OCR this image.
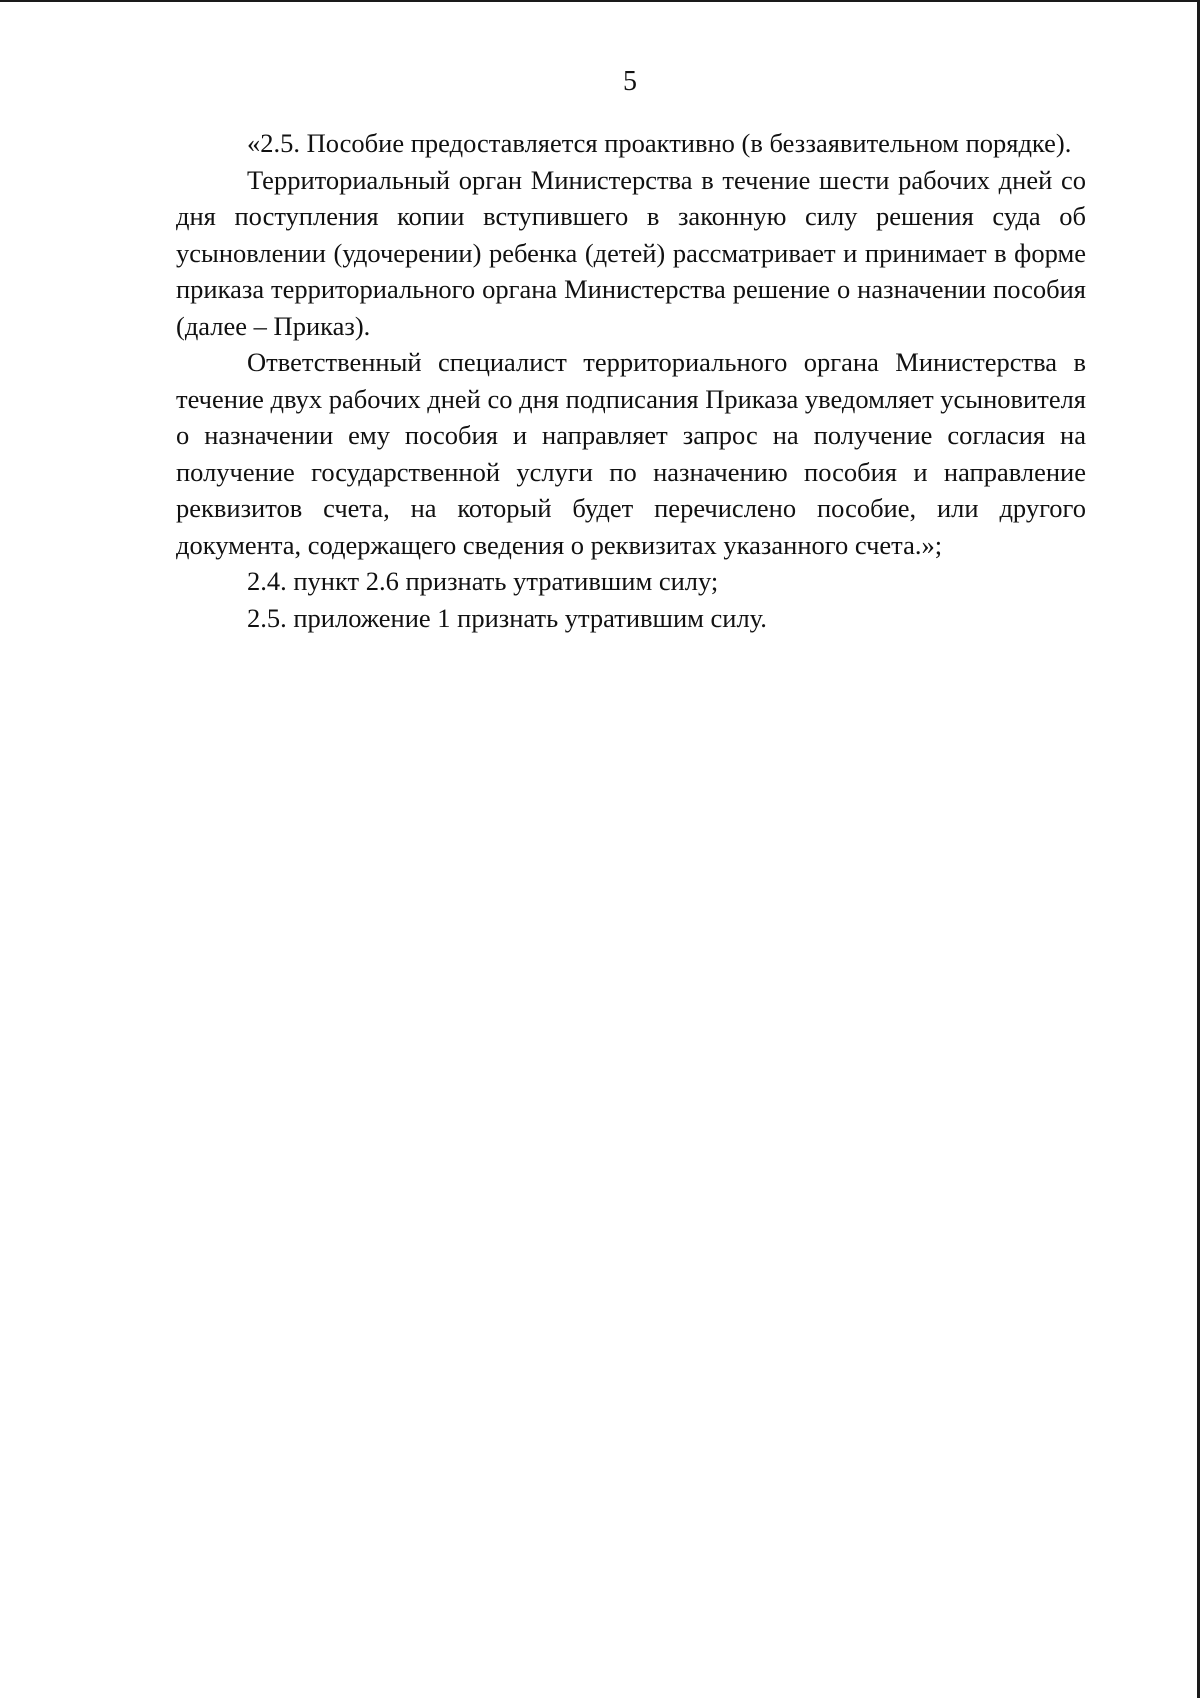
5

«2.5. Пособие предоставляется проактивно (в беззаявительном порядке).

Территориальный орган Министерства в течение шести рабочих дней со дня поступления копии вступившего в законную силу решения суда об усыновлении (удочерении) ребенка (детей) рассматривает и принимает в форме приказа территориального органа Министерства решение о назначении пособия (далее – Приказ).

Ответственный специалист территориального органа Министерства в течение двух рабочих дней со дня подписания Приказа уведомляет усыновителя о назначении ему пособия и направляет запрос на получение согласия на получение государственной услуги по назначению пособия и направление реквизитов счета, на который будет перечислено пособие, или другого документа, содержащего сведения о реквизитах указанного счета.»;

2.4. пункт 2.6 признать утратившим силу;

2.5. приложение 1 признать утратившим силу.
